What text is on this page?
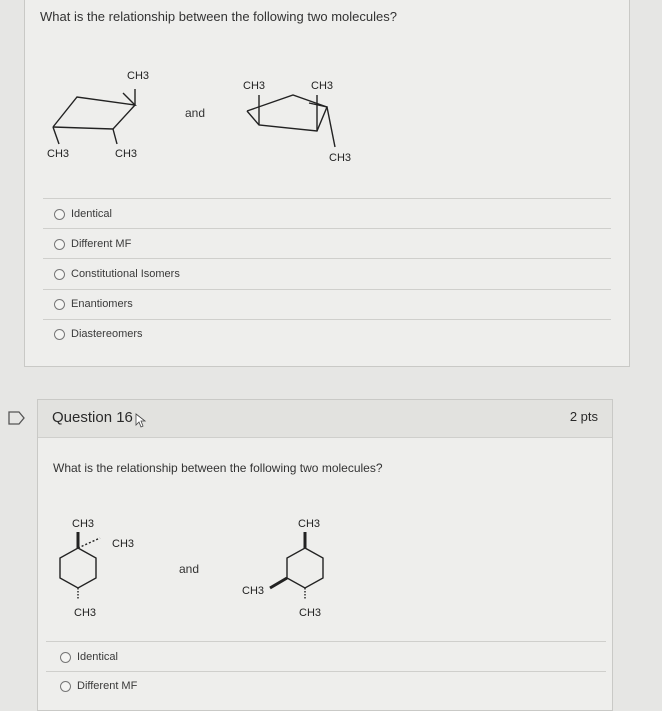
What is the relationship between the following two molecules?
CH3
CH3	CH3
and
CH3	CH3
CH3
Identical
Different MF
Constitutional Isomers
Enantiomers
Diastereomers
Question 16	2 pts
What is the relationship between the following two molecules?
CH3
CH3
CH3
and
CH3
CH3
CH3
Identical
Different MF
